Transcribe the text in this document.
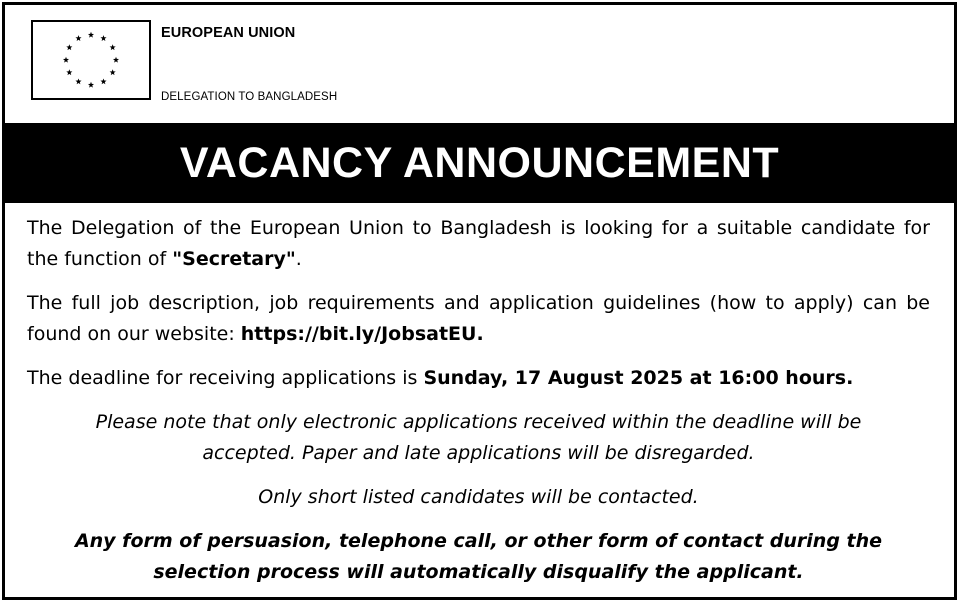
EUROPEAN UNION
DELEGATION TO BANGLADESH
VACANCY ANNOUNCEMENT

The Delegation of the European Union to Bangladesh is looking for a suitable candidate for the function of "Secretary".

The full job description, job requirements and application guidelines (how to apply) can be found on our website: https://bit.ly/JobsatEU.

The deadline for receiving applications is Sunday, 17 August 2025 at 16:00 hours.

Please note that only electronic applications received within the deadline will be
accepted. Paper and late applications will be disregarded.

Only short listed candidates will be contacted.

Any form of persuasion, telephone call, or other form of contact during the
selection process will automatically disqualify the applicant.
